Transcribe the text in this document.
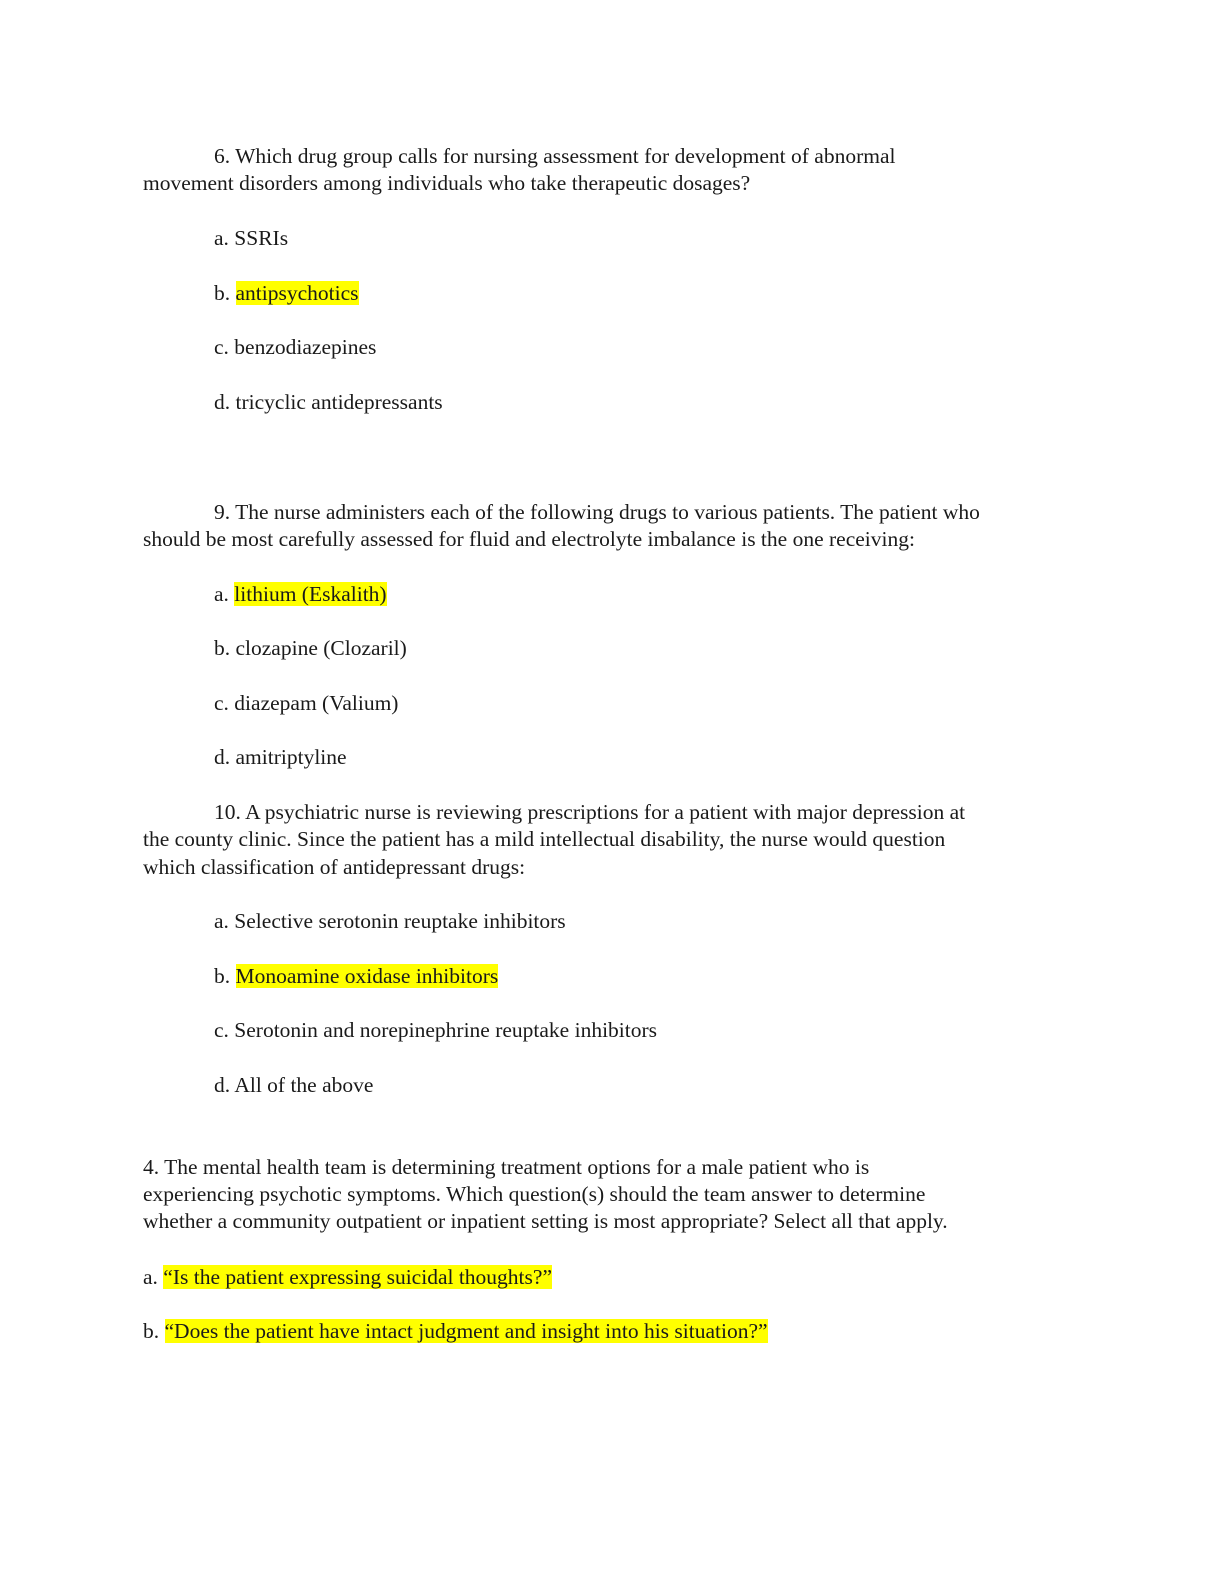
6. Which drug group calls for nursing assessment for development of abnormal
movement disorders among individuals who take therapeutic dosages?
a. SSRIs
b. antipsychotics
c. benzodiazepines
d. tricyclic antidepressants
9. The nurse administers each of the following drugs to various patients. The patient who
should be most carefully assessed for fluid and electrolyte imbalance is the one receiving:
a. lithium (Eskalith)
b. clozapine (Clozaril)
c. diazepam (Valium)
d. amitriptyline
10. A psychiatric nurse is reviewing prescriptions for a patient with major depression at
the county clinic. Since the patient has a mild intellectual disability, the nurse would question
which classification of antidepressant drugs:
a. Selective serotonin reuptake inhibitors
b. Monoamine oxidase inhibitors
c. Serotonin and norepinephrine reuptake inhibitors
d. All of the above
4. The mental health team is determining treatment options for a male patient who is
experiencing psychotic symptoms. Which question(s) should the team answer to determine
whether a community outpatient or inpatient setting is most appropriate? Select all that apply.
a. “Is the patient expressing suicidal thoughts?”
b. “Does the patient have intact judgment and insight into his situation?”
